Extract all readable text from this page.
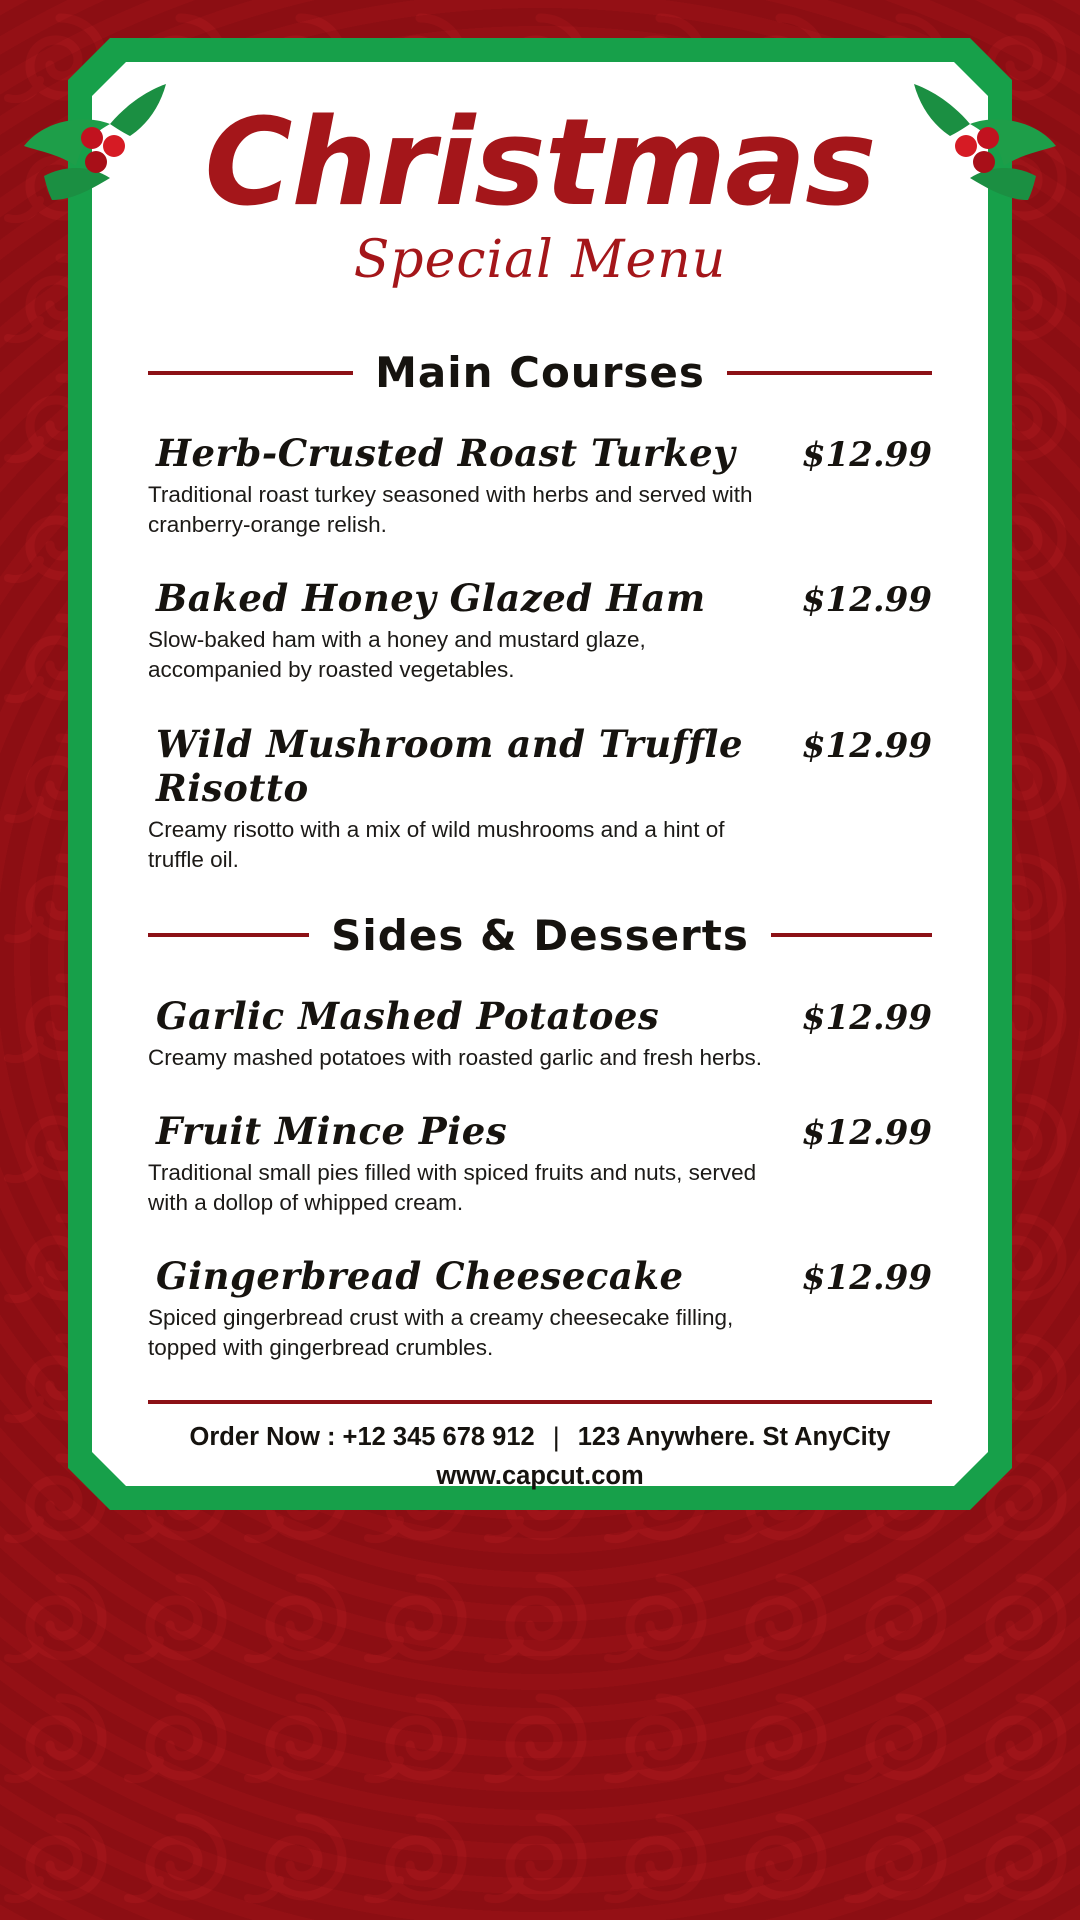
Christmas
Special Menu
Main Courses
Herb-Crusted Roast Turkey $12.99
Traditional roast turkey seasoned with herbs and served with cranberry-orange relish.
Baked Honey Glazed Ham	$12.99
Slow-baked ham with a honey and mustard glaze, accompanied by roasted vegetables.
Wild Mushroom and Truffle Risotto
$12.99
Creamy risotto with a mix of wild mushrooms and a hint of truffle oil.
Sides & Desserts
Garlic Mashed Potatoes	$12.99
Creamy mashed potatoes with roasted garlic and fresh herbs.
Fruit Mince Pies	$12.99
Traditional small pies filled with spiced fruits and nuts, served with a dollop of whipped cream.
Gingerbread Cheesecake	$12.99
Spiced gingerbread crust with a creamy cheesecake filling, topped with gingerbread crumbles.
Order Now : +12 345 678 912 | 123 Anywhere. St AnyCity
www.capcut.com
